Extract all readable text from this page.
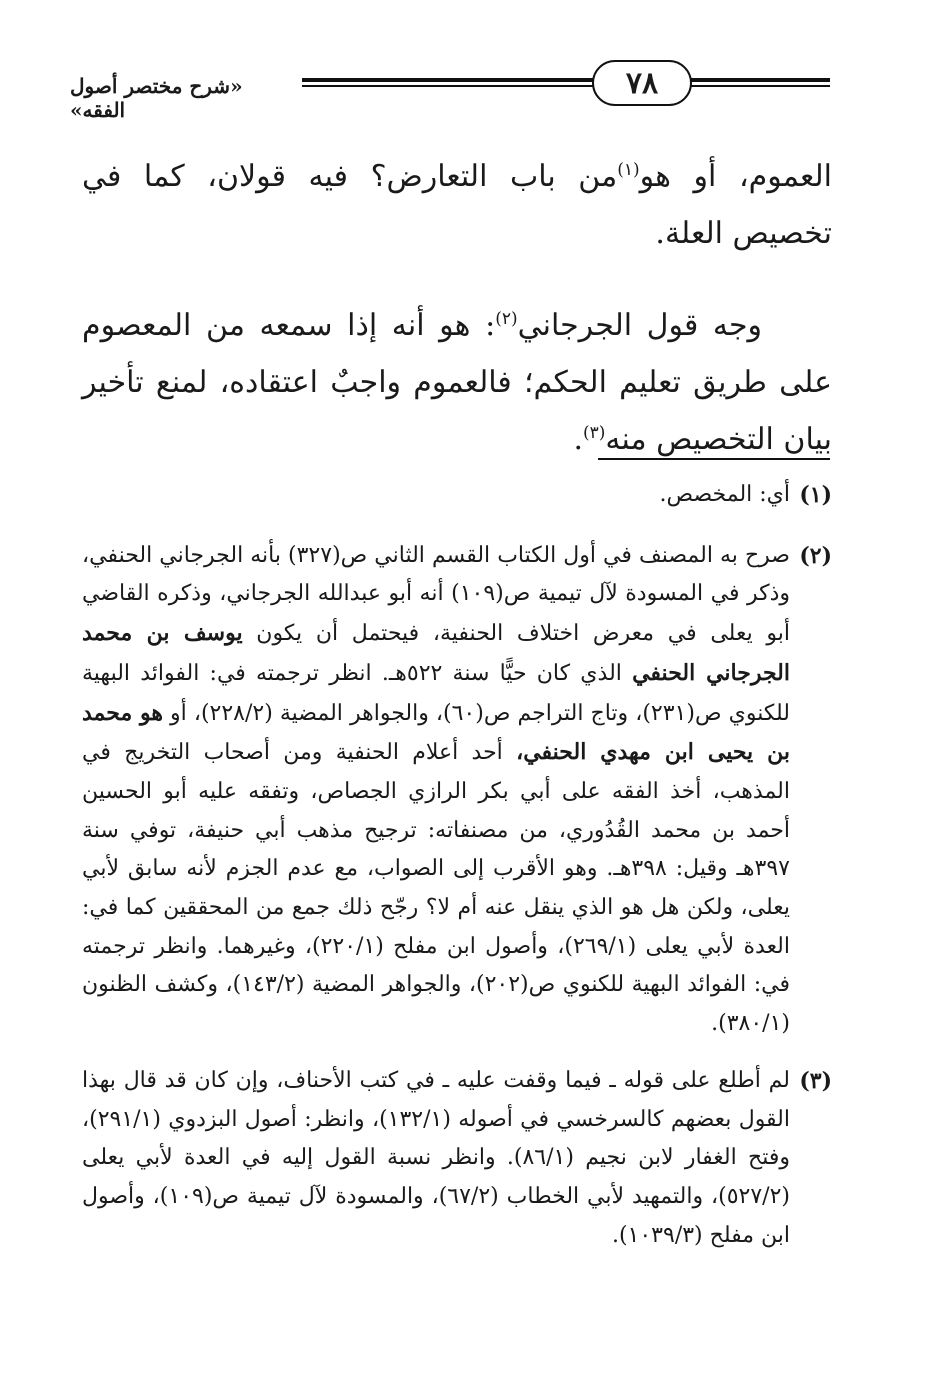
«شرح مختصر أصول الفقه»
٧٨

العموم، أو هو$^{(١)}$من باب التعارض؟ فيه قولان، كما في تخصيص العلة.

وجه قول الجرجاني$^{(٢)}$: هو أنه إذا سمعه من المعصوم على طريق تعليم الحكم؛ فالعموم واجبٌ اعتقاده، لمنع تأخير بيان التخصيص منه$^{(٣)}$.

(١)
أي: المخصص.
(٢)
صرح به المصنف في أول الكتاب القسم الثاني ص(٣٢٧) بأنه الجرجاني الحنفي، وذكر في المسودة لآل تيمية ص(١٠٩) أنه أبو عبدالله الجرجاني، وذكره القاضي أبو يعلى في معرض اختلاف الحنفية، فيحتمل أن يكون يوسف بن محمد الجرجاني الحنفي الذي كان حيًّا سنة ٥٢٢هـ. انظر ترجمته في: الفوائد البهية للكنوي ص(٢٣١)، وتاج التراجم ص(٦٠)، والجواهر المضية (٢٢٨/٢)، أو هو محمد بن يحيى ابن مهدي الحنفي، أحد أعلام الحنفية ومن أصحاب التخريج في المذهب، أخذ الفقه على أبي بكر الرازي الجصاص، وتفقه عليه أبو الحسين أحمد بن محمد القُدُوري، من مصنفاته: ترجيح مذهب أبي حنيفة، توفي سنة ٣٩٧هـ وقيل: ٣٩٨هـ. وهو الأقرب إلى الصواب، مع عدم الجزم لأنه سابق لأبي يعلى، ولكن هل هو الذي ينقل عنه أم لا؟ رجّح ذلك جمع من المحققين كما في: العدة لأبي يعلى (٢٦٩/١)، وأصول ابن مفلح (٢٢٠/١)، وغيرهما. وانظر ترجمته في: الفوائد البهية للكنوي ص(٢٠٢)، والجواهر المضية (١٤٣/٢)، وكشف الظنون (٣٨٠/١).
(٣)
لم أطلع على قوله ـ فيما وقفت عليه ـ في كتب الأحناف، وإن كان قد قال بهذا القول بعضهم كالسرخسي في أصوله (١٣٢/١)، وانظر: أصول البزدوي (٢٩١/١)، وفتح الغفار لابن نجيم (٨٦/١). وانظر نسبة القول إليه في العدة لأبي يعلى (٥٢٧/٢)، والتمهيد لأبي الخطاب (٦٧/٢)، والمسودة لآل تيمية ص(١٠٩)، وأصول ابن مفلح (١٠٣٩/٣).
